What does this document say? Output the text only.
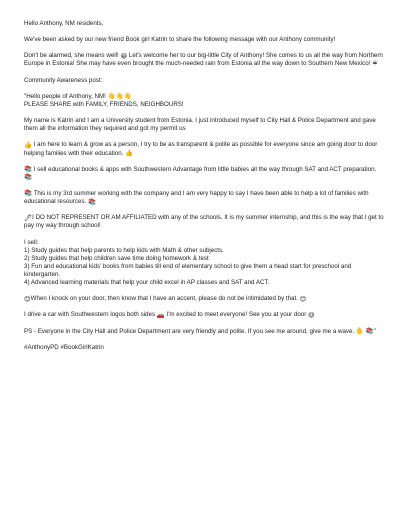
Hello Anthony, NM residents,

We've been asked by our new friend Book girl Katrin to share the following message with our Anthony community!

Don't be alarmed, she means well! 😀 Let's welcome her to our big-little City of Anthony! She comes to us all the way from Northern Europe in Estonia! She may have even brought the much-needed rain from Estonia all the way down to Southern New Mexico! ☔

Community Awareness post:

"Hello people of Anthony, NM! 👋👋👋
PLEASE SHARE with FAMILY, FRIENDS, NEIGHBOURS!

My name is Katrin and I am a University student from Estonia. I just introduced myself to City Hall & Police Department and gave them all the information they required and got my permit us

👍 I am here to learn & grow as a person, I try to be as transparent & polite as possible for everyone since am going door to door helping families with their education. 👍

📚 I sell educational books & apps with Southwestern Advantage from little babies all the way through SAT and ACT preparation. 📚

📚 This is my 3rd summer working with the company and I am very happy to say I have been able to help a lot of families with educational resources. 📚

🖊I DO NOT REPRESENT OR AM AFFILIATED with any of the schools. It is my summer internship, and this is the way that I get to pay my way through school!

I sell:
1) Study guides that help parents to help kids with Math & other subjects.
2) Study guides that help children save time doing homework & test
3) Fun and educational kids' books from babies till end of elementary school to give them a head start for preschool and kindergarten.
4) Advanced learning materials that help your child excel in AP classes and SAT and ACT.

😊When I knock on your door, then know that I have an accent, please do not be intimidated by that. 😊

I drive a car with Southwestern logos both sides 🚗 I'm excited to meet everyone! See you at your door 😃

PS - Everyone in the City Hall and Police Department are very friendly and polite. If you see me around, give me a wave. 🖐 📚"

#AnthonyPD #BookGirlKatrin
